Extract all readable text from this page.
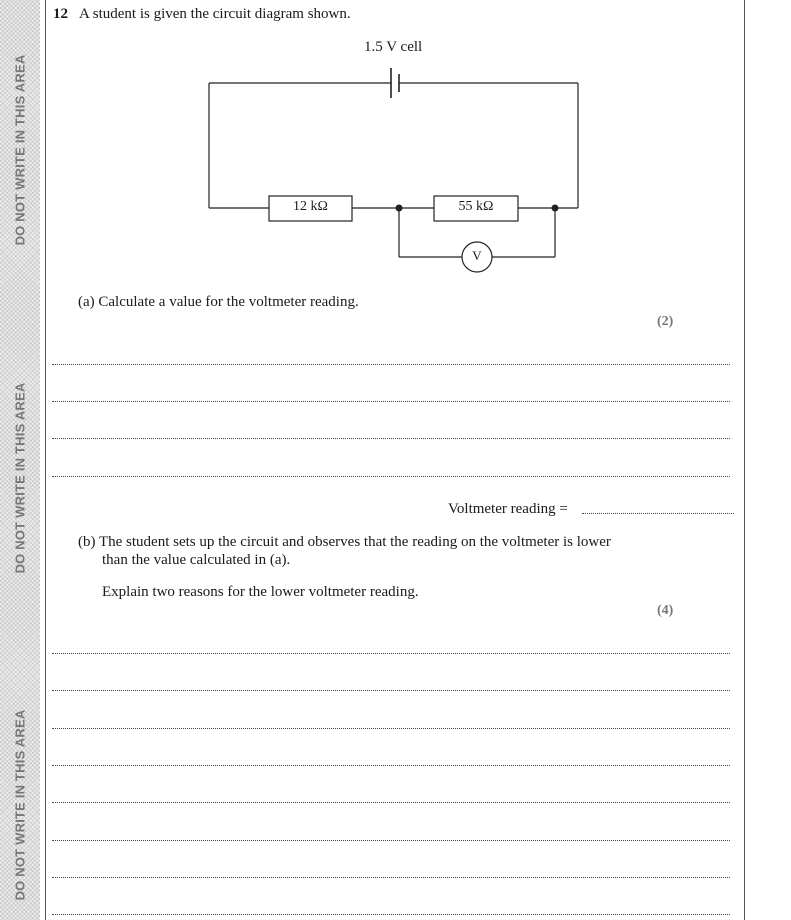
DO NOT WRITE IN THIS AREA
DO NOT WRITE IN THIS AREA
DO NOT WRITE IN THIS AREA
12 A student is given the circuit diagram shown.
1.5 V cell
12 kΩ	55 kΩ
V
(a) Calculate a value for the voltmeter reading.
(2)
Voltmeter reading =
(b) The student sets up the circuit and observes that the reading on the voltmeter is lower
than the value calculated in (a).
Explain two reasons for the lower voltmeter reading.
(4)
